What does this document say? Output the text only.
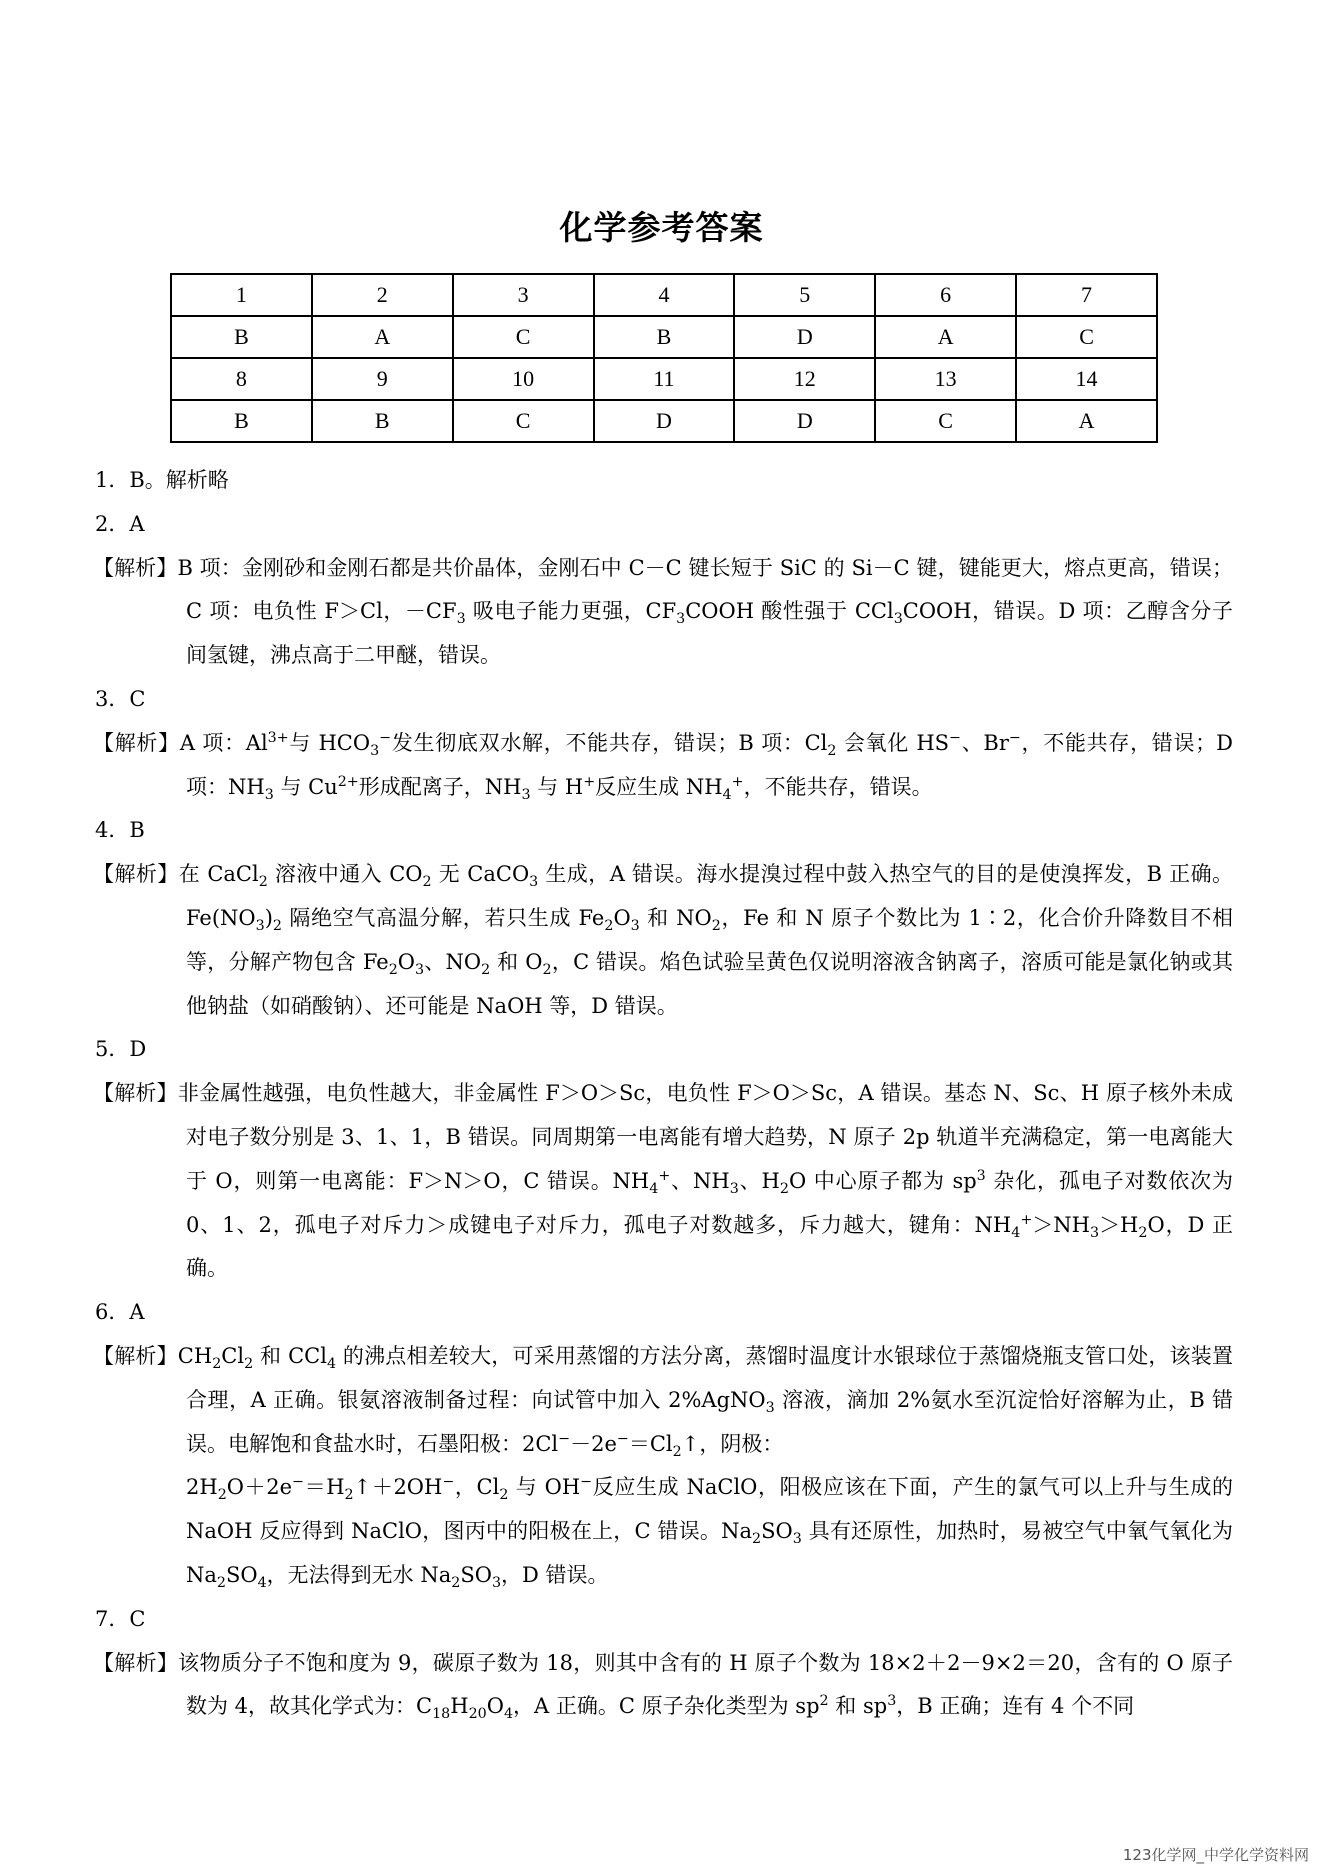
化学参考答案
1	2	3	4	5	6	7
B	A	C	B	D	A	C
8	9	10	11	12	13	14
B	B	C	D	D	C	A

1．B。解析略

2．A

【解析】B 项：金刚砂和金刚石都是共价晶体，金刚石中 C－C 键长短于 SiC 的 Si－C 键，键能更大，熔点更高，错误；C 项：电负性 F＞Cl，$-CF_3$ 吸电子能力更强，$CF_3COOH$ 酸性强于 CCl$_3$COOH，错误。D 项：乙醇含分子间氢键，沸点高于二甲醚，错误。

3．C

【解析】A 项：$Al^{3+}$与 $HCO_3^-$发生彻底双水解，不能共存，错误；B 项：$Cl_2$ 会氧化 HS−、Br−，不能共存，错误；D 项：$NH_3$ 与 $Cu^{2+}$形成配离子，$NH_3$ 与 H+反应生成 $NH_4^+$，不能共存，错误。

4．B

【解析】在 CaCl$_2$ 溶液中通入 $CO_2$ 无 CaCO$_3$ 生成，A 错误。海水提溴过程中鼓入热空气的目的是使溴挥发，B 正确。$Fe(NO_3)_2$ 隔绝空气高温分解，若只生成 $Fe_2O_3$ 和 $NO_2$，Fe 和 N 原子个数比为 1∶2，化合价升降数目不相等，分解产物包含 $Fe_2O_3$、$NO_2$ 和 $O_2$，C 错误。焰色试验呈黄色仅说明溶液含钠离子，溶质可能是氯化钠或其他钠盐（如硝酸钠）、还可能是 NaOH 等，D 错误。

5．D

【解析】非金属性越强，电负性越大，非金属性 F＞O＞Sc，电负性 F＞O＞Sc，A 错误。基态 N、Sc、H 原子核外未成对电子数分别是 3、1、1，B 错误。同周期第一电离能有增大趋势，N 原子 2p 轨道半充满稳定，第一电离能大于 O，则第一电离能：F＞N＞O，C 错误。$NH_4^+$、$NH_3$、$H_2O$ 中心原子都为 $sp^3$ 杂化，孤电子对数依次为 0、1、2，孤电子对斥力＞成键电子对斥力，孤电子对数越多，斥力越大，键角：$NH_4^+>NH_3>H_2O$，D 正确。

6．A

【解析】$CH_2Cl_2$ 和 CCl$_4$ 的沸点相差较大，可采用蒸馏的方法分离，蒸馏时温度计水银球位于蒸馏烧瓶支管口处，该装置合理，A 正确。银氨溶液制备过程：向试管中加入 2%AgNO$_3$ 溶液，滴加 2%氨水至沉淀恰好溶解为止，B 错误。电解饱和食盐水时，石墨阳极：$2Cl^--2e^-=Cl_2↑$，阴极：
$2H_2O+2e^-=H_2↑+2OH^-$，$Cl_2$ 与 OH−反应生成 NaClO，阳极应该在下面，产生的氯气可以上升与生成的 NaOH 反应得到 NaClO，图丙中的阳极在上，C 错误。$Na_2SO_3$ 具有还原性，加热时，易被空气中氧气氧化为 $Na_2SO_4$，无法得到无水 $Na_2SO_3$，D 错误。

7．C

【解析】该物质分子不饱和度为 9，碳原子数为 18，则其中含有的 H 原子个数为 18×2＋2－9×2＝20，含有的 O 原子数为 4，故其化学式为：$C_{18}H_{20}O_4$，A 正确。C 原子杂化类型为 $sp^2$ 和 $sp^3$，B 正确；连有 4 个不同

123化学网_中学化学资料网
